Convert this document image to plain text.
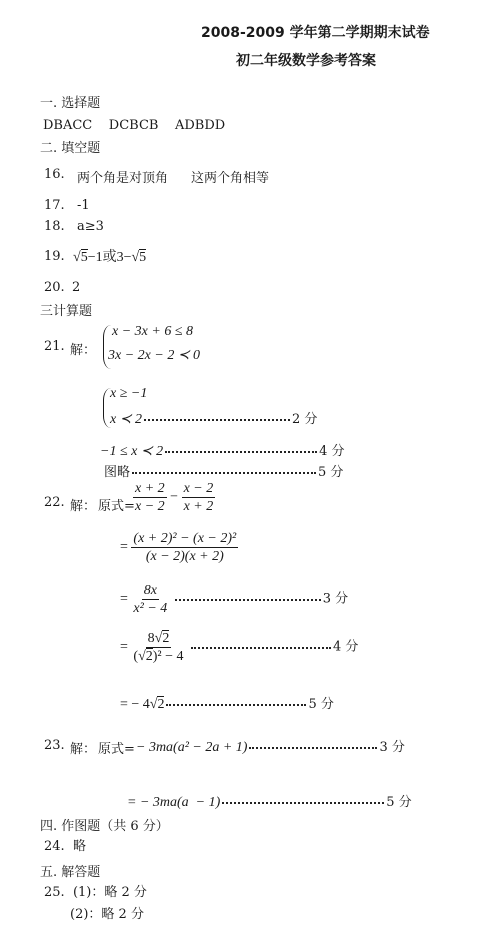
2008-2009 学年第二学期期末试卷
初二年级数学参考答案
一. 选择题
DBACC    DCBCB    ADBDD
二. 填空题
16. 两个角是对顶角 这两个角相等
17. -1
18. a≥3
19. √5−1或3−√5
20. 2
三计算题
21. 解：
x − 3x + 6 ≤ 8
3x − 2x − 2 ≺ 0
x ≥ −1
x ≺ 2	2 分
−1 ≤ x ≺ 2	4 分
图略	5 分
22. 解： 原式=
$\frac{x + 2}{x - 2} - \frac{x - 2}{x + 2}$
= $\frac{\text{(x + 2)² − (x − 2)²}}{(x - 2)(x + 2)}$
= $\frac{8x}{\text{x² − 4}}$	3 分
= $\frac{8√2}{\text{(√2)² − 4}}$	4 分
= − 4√2	5 分
23. 解： 原式= − 3ma(a² − 2a + 1)	3 分

= − 3ma(a  − 1)	5 分

四. 作图题（共 6 分）
24.  略
五. 解答题
25.  (1)：略 2 分
(2)：略 2 分
